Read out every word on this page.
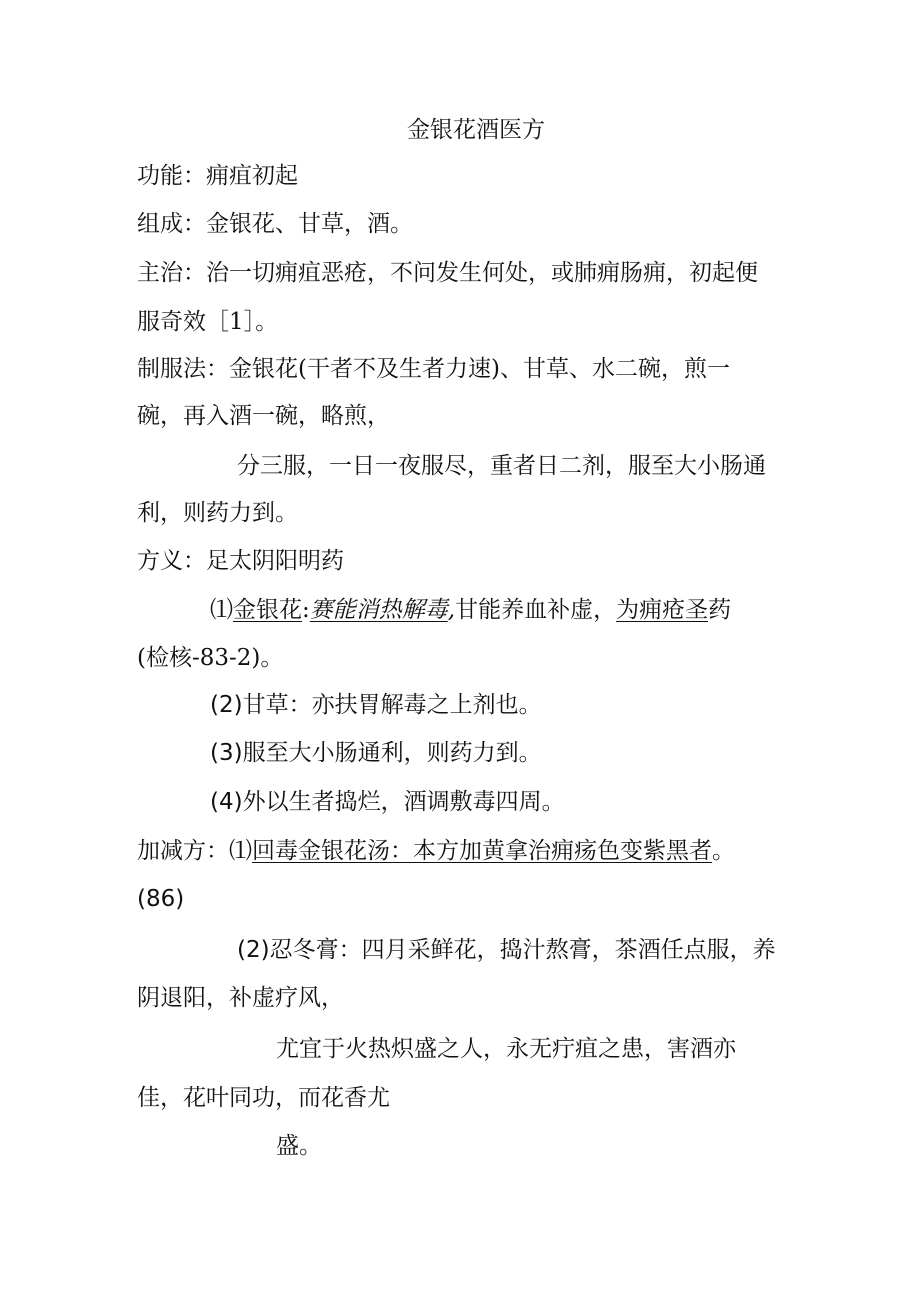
金银花酒医方
功能：痈疽初起
组成：金银花、甘草，酒。
主治：治一切痈疽恶疮，不问发生何处，或肺痈肠痈，初起便
服奇效［1］。
制服法：金银花(干者不及生者力速)、甘草、水二碗，煎一
碗，再入酒一碗，略煎，
分三服，一日一夜服尽，重者日二剂，服至大小肠通
利，则药力到。
方义：足太阴阳明药
⑴金银花:赛能消热解毒,甘能养血补虚，为痈疮圣药
(检核-83-2)。
(2)甘草：亦扶胃解毒之上剂也。
(3)服至大小肠通利，则药力到。
(4)外以生者捣烂，酒调敷毒四周。
加减方：⑴回毒金银花汤：本方加黄拿治痈疡色变紫黑者。
(86)
(2)忍冬膏：四月采鲜花，捣汁熬膏，茶酒任点服，养
阴退阳，补虚疗风，
尤宜于火热炽盛之人，永无疔疽之患，害酒亦
佳，花叶同功，而花香尤
盛。
